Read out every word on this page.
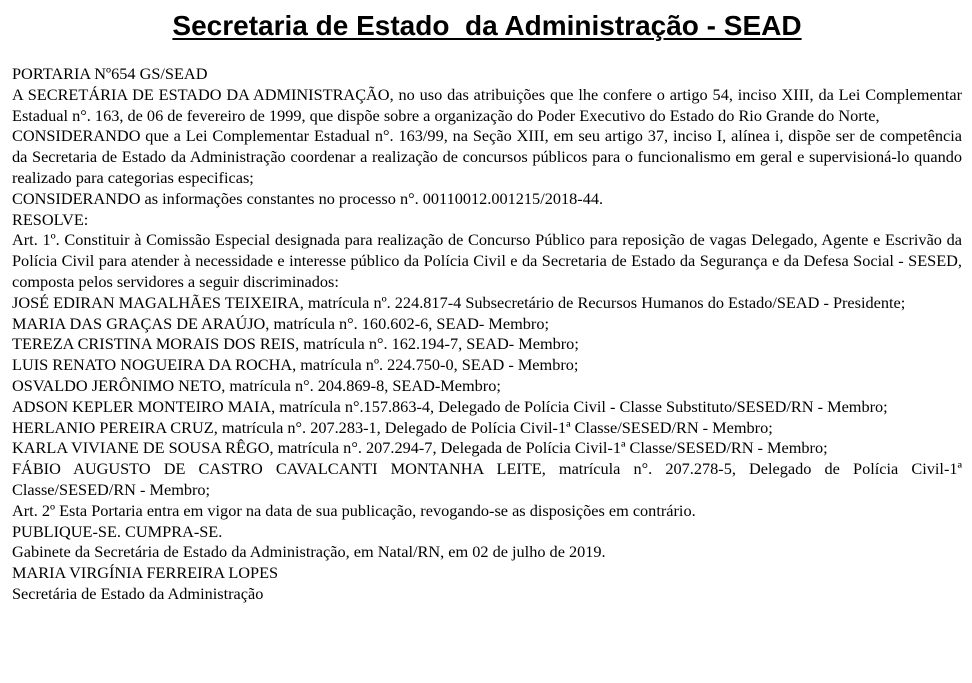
Secretaria de Estado  da Administração - SEAD

PORTARIA Nº654 GS/SEAD

A SECRETÁRIA DE ESTADO DA ADMINISTRAÇÃO, no uso das atribuições que lhe confere o artigo 54, inciso XIII, da Lei Complementar Estadual n°. 163, de 06 de fevereiro de 1999, que dispõe sobre a organização do Poder Executivo do Estado do Rio Grande do Norte,

CONSIDERANDO que a Lei Complementar Estadual n°. 163/99, na Seção XIII, em seu artigo 37, inciso I, alínea i, dispõe ser de competência da Secretaria de Estado da Administração coordenar a realização de concursos públicos para o funcionalismo em geral e supervisioná-lo quando realizado para categorias especificas;

CONSIDERANDO as informações constantes no processo n°. 00110012.001215/2018-44.

RESOLVE:

Art. 1º. Constituir à Comissão Especial designada para realização de Concurso Público para reposição de vagas Delegado, Agente e Escrivão da Polícia Civil para atender à necessidade e interesse público da Polícia Civil e da Secretaria de Estado da Segurança e da Defesa Social - SESED, composta pelos servidores a seguir discriminados:

JOSÉ EDIRAN MAGALHÃES TEIXEIRA, matrícula nº. 224.817-4 Subsecretário de Recursos Humanos do Estado/SEAD - Presidente;

MARIA DAS GRAÇAS DE ARAÚJO, matrícula n°. 160.602-6, SEAD- Membro;

TEREZA CRISTINA MORAIS DOS REIS, matrícula n°. 162.194-7, SEAD- Membro;

LUIS RENATO NOGUEIRA DA ROCHA, matrícula nº. 224.750-0, SEAD - Membro;

OSVALDO JERÔNIMO NETO, matrícula n°. 204.869-8, SEAD-Membro;

ADSON KEPLER MONTEIRO MAIA, matrícula n°.157.863-4, Delegado de Polícia Civil - Classe Substituto/SESED/RN - Membro;

HERLANIO PEREIRA CRUZ, matrícula n°. 207.283-1, Delegado de Polícia Civil-1ª Classe/SESED/RN - Membro;

KARLA VIVIANE DE SOUSA RÊGO, matrícula n°. 207.294-7, Delegada de Polícia Civil-1ª Classe/SESED/RN - Membro;

FÁBIO AUGUSTO DE CASTRO CAVALCANTI MONTANHA LEITE, matrícula n°. 207.278-5, Delegado de Polícia Civil-1ª Classe/SESED/RN - Membro;

Art. 2º Esta Portaria entra em vigor na data de sua publicação, revogando-se as disposições em contrário.

PUBLIQUE-SE. CUMPRA-SE.

Gabinete da Secretária de Estado da Administração, em Natal/RN, em 02 de julho de 2019.

MARIA VIRGÍNIA FERREIRA LOPES

Secretária de Estado da Administração
